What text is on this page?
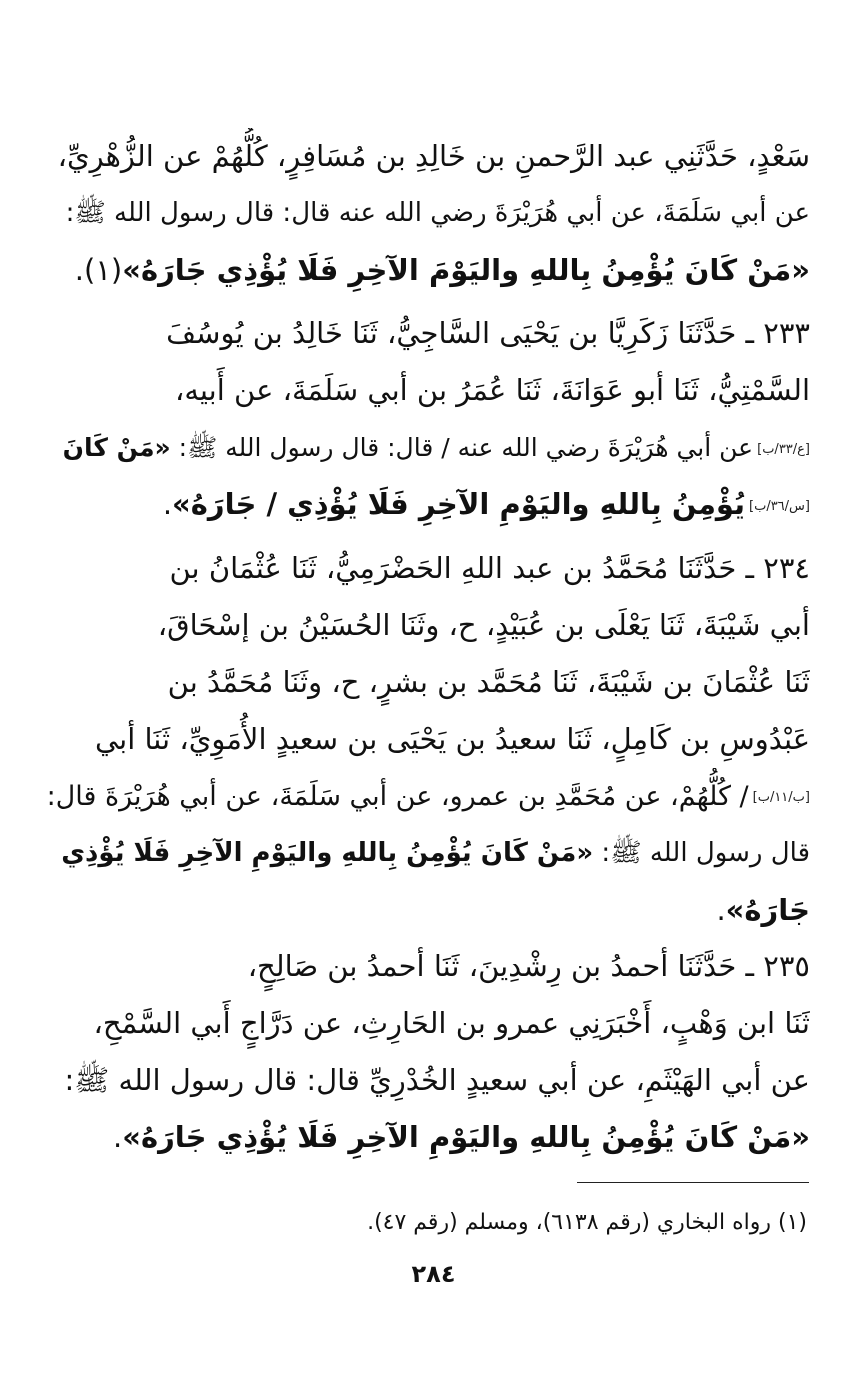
سَعْدٍ، حَدَّثَنِي عبد الرَّحمنِ بن خَالِدِ بن مُسَافِرٍ، كُلُّهُمْ عن الزُّهْرِيِّ،
عن أبي سَلَمَةَ، عن أبي هُرَيْرَةَ رضي الله عنه قال: قال رسول الله ﷺ:
«مَنْ كَانَ يُؤْمِنُ بِاللهِ واليَوْمَ الآخِرِ فَلَا يُؤْذِي جَارَهُ»(١).
٢٣٣ ـ حَدَّثَنَا زَكَرِيَّا بن يَحْيَى السَّاجِيُّ، ثَنَا خَالِدُ بن يُوسُفَ
السَّمْتِيُّ، ثَنَا أبو عَوَانَةَ، ثَنَا عُمَرُ بن أبي سَلَمَةَ، عن أَبيه،
[ع/٣٣/ب]عن أبي هُرَيْرَةَ رضي الله عنه / قال: قال رسول الله ﷺ: «مَنْ كَانَ
[س/٣٦/ب]يُؤْمِنُ بِاللهِ واليَوْمِ الآخِرِ فَلَا يُؤْذِي / جَارَهُ».
٢٣٤ ـ حَدَّثَنَا مُحَمَّدُ بن عبد اللهِ الحَضْرَمِيُّ، ثَنَا عُثْمَانُ بن
أبي شَيْبَةَ، ثَنَا يَعْلَى بن عُبَيْدٍ، ح، وثَنَا الحُسَيْنُ بن إسْحَاقَ،
ثَنَا عُثْمَانَ بن شَيْبَةَ، ثَنَا مُحَمَّد بن بشرٍ، ح، وثَنَا مُحَمَّدُ بن
عَبْدُوسِ بن كَامِلٍ، ثَنَا سعيدُ بن يَحْيَى بن سعيدٍ الأُمَوِيِّ، ثَنَا أبي
[ب/١١/ب]/ كُلُّهُمْ، عن مُحَمَّدِ بن عمرو، عن أبي سَلَمَةَ، عن أبي هُرَيْرَةَ قال:
قال رسول الله ﷺ: «مَنْ كَانَ يُؤْمِنُ بِاللهِ واليَوْمِ الآخِرِ فَلَا يُؤْذِي
جَارَهُ».
٢٣٥ ـ حَدَّثَنَا أحمدُ بن رِشْدِينَ، ثَنَا أحمدُ بن صَالِحٍ،
ثَنَا ابن وَهْبٍ، أَخْبَرَنِي عمرو بن الحَارِثِ، عن دَرَّاجٍ أَبي السَّمْحِ،
عن أبي الهَيْثَمِ، عن أبي سعيدٍ الخُدْرِيِّ قال: قال رسول الله ﷺ:
«مَنْ كَانَ يُؤْمِنُ بِاللهِ واليَوْمِ الآخِرِ فَلَا يُؤْذِي جَارَهُ».
(١) رواه البخاري (رقم ٦١٣٨)، ومسلم (رقم ٤٧).
٢٨٤
